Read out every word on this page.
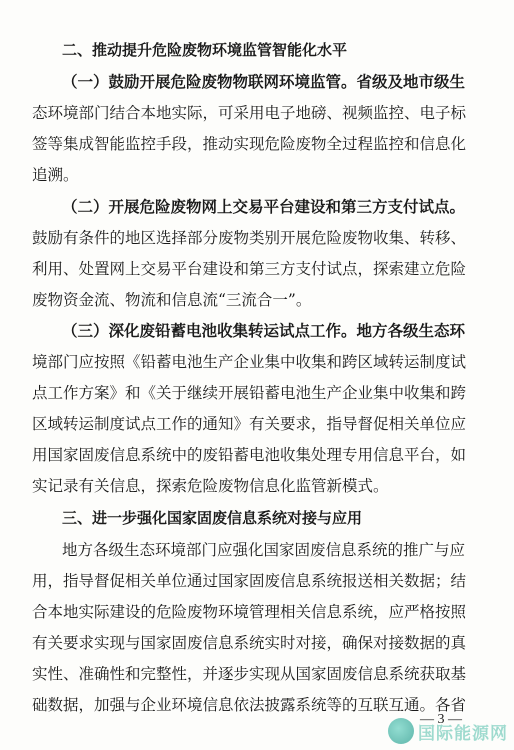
二、推动提升危险废物环境监管智能化水平
（一）鼓励开展危险废物物联网环境监管。省级及地市级生
态环境部门结合本地实际，可采用电子地磅、视频监控、电子标
签等集成智能监控手段，推动实现危险废物全过程监控和信息化
追溯。
（二）开展危险废物网上交易平台建设和第三方支付试点。
鼓励有条件的地区选择部分废物类别开展危险废物收集、转移、
利用、处置网上交易平台建设和第三方支付试点，探索建立危险
废物资金流、物流和信息流“三流合一”。
（三）深化废铅蓄电池收集转运试点工作。地方各级生态环
境部门应按照《铅蓄电池生产企业集中收集和跨区域转运制度试
点工作方案》和《关于继续开展铅蓄电池生产企业集中收集和跨
区域转运制度试点工作的通知》有关要求，指导督促相关单位应
用国家固废信息系统中的废铅蓄电池收集处理专用信息平台，如
实记录有关信息，探索危险废物信息化监管新模式。
三、进一步强化国家固废信息系统对接与应用
地方各级生态环境部门应强化国家固废信息系统的推广与应
用，指导督促相关单位通过国家固废信息系统报送相关数据；结
合本地实际建设的危险废物环境管理相关信息系统，应严格按照
有关要求实现与国家固废信息系统实时对接，确保对接数据的真
实性、准确性和完整性，并逐步实现从国家固废信息系统获取基
础数据，加强与企业环境信息依法披露系统等的互联互通。各省
— 3 —
国际能源网
